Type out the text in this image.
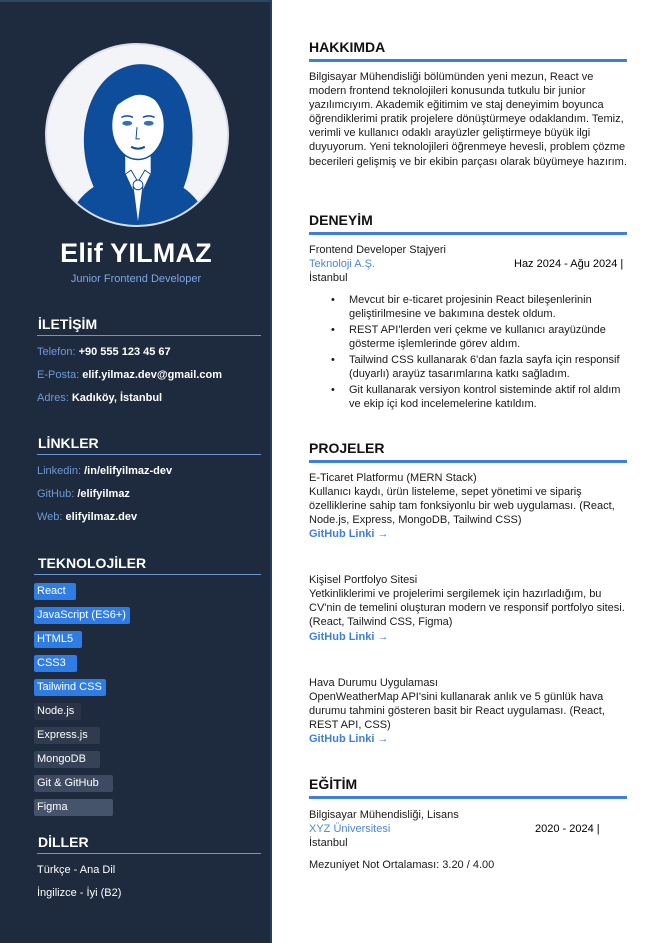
Elif YILMAZ
Junior Frontend Developer
İLETİŞİM
Telefon: +90 555 123 45 67
E-Posta: elif.yilmaz.dev@gmail.com
Adres: Kadıköy, İstanbul
LİNKLER
Linkedin: /in/elifyilmaz-dev
GitHub: /elifyilmaz
Web: elifyilmaz.dev
TEKNOLOJİLER
React
JavaScript (ES6+)
HTML5
CSS3
Tailwind CSS
Node.js
Express.js
MongoDB
Git & GitHub
Figma
DİLLER
Türkçe - Ana Dil
İngilizce - İyi (B2)
HAKKIMDA

Bilgisayar Mühendisliği bölümünden yeni mezun, React ve modern frontend teknolojileri konusunda tutkulu bir junior yazılımcıyım. Akademik eğitimim ve staj deneyimim boyunca öğrendiklerimi pratik projelere dönüştürmeye odaklandım. Temiz, verimli ve kullanıcı odaklı arayüzler geliştirmeye büyük ilgi duyuyorum. Yeni teknolojileri öğrenmeye hevesli, problem çözme becerileri gelişmiş ve bir ekibin parçası olarak büyümeye hazırım.

DENEYİM
Frontend Developer Stajyeri
Teknoloji A.Ş.	Haz 2024 - Ağu 2024 |
İstanbul
• Mevcut bir e-ticaret projesinin React bileşenlerinin geliştirilmesine ve bakımına destek oldum.
• REST API'lerden veri çekme ve kullanıcı arayüzünde gösterme işlemlerinde görev aldım.
• Tailwind CSS kullanarak 6'dan fazla sayfa için responsif (duyarlı) arayüz tasarımlarına katkı sağladım.
• Git kullanarak versiyon kontrol sisteminde aktif rol aldım ve ekip içi kod incelemelerine katıldım.
PROJELER
E-Ticaret Platformu (MERN Stack)
Kullanıcı kaydı, ürün listeleme, sepet yönetimi ve sipariş özelliklerine sahip tam fonksiyonlu bir web uygulaması. (React, Node.js, Express, MongoDB, Tailwind CSS)
GitHub Linki →
Kişisel Portfolyo Sitesi
Yetkinliklerimi ve projelerimi sergilemek için hazırladığım, bu CV'nin de temelini oluşturan modern ve responsif portfolyo sitesi. (React, Tailwind CSS, Figma)
GitHub Linki →
Hava Durumu Uygulaması
OpenWeatherMap API'sini kullanarak anlık ve 5 günlük hava durumu tahmini gösteren basit bir React uygulaması. (React, REST API, CSS)
GitHub Linki →
EĞİTİM
Bilgisayar Mühendisliği, Lisans
XYZ Üniversitesi	2020 - 2024 |
İstanbul
Mezuniyet Not Ortalaması: 3.20 / 4.00
